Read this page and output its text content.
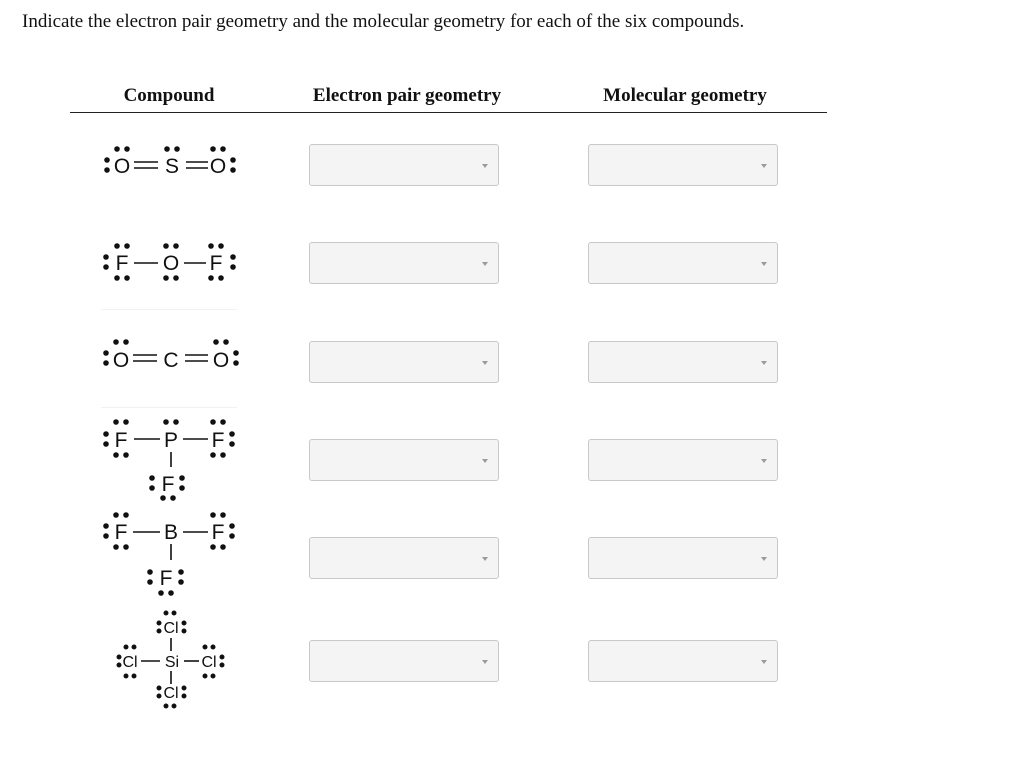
Indicate the electron pair geometry and the molecular geometry for each of the six compounds.
Compound	Electron pair geometry	Molecular geometry
O S O
F O F
O C O
F P F
F
F B F
F
Cl
Cl Si Cl
Cl
